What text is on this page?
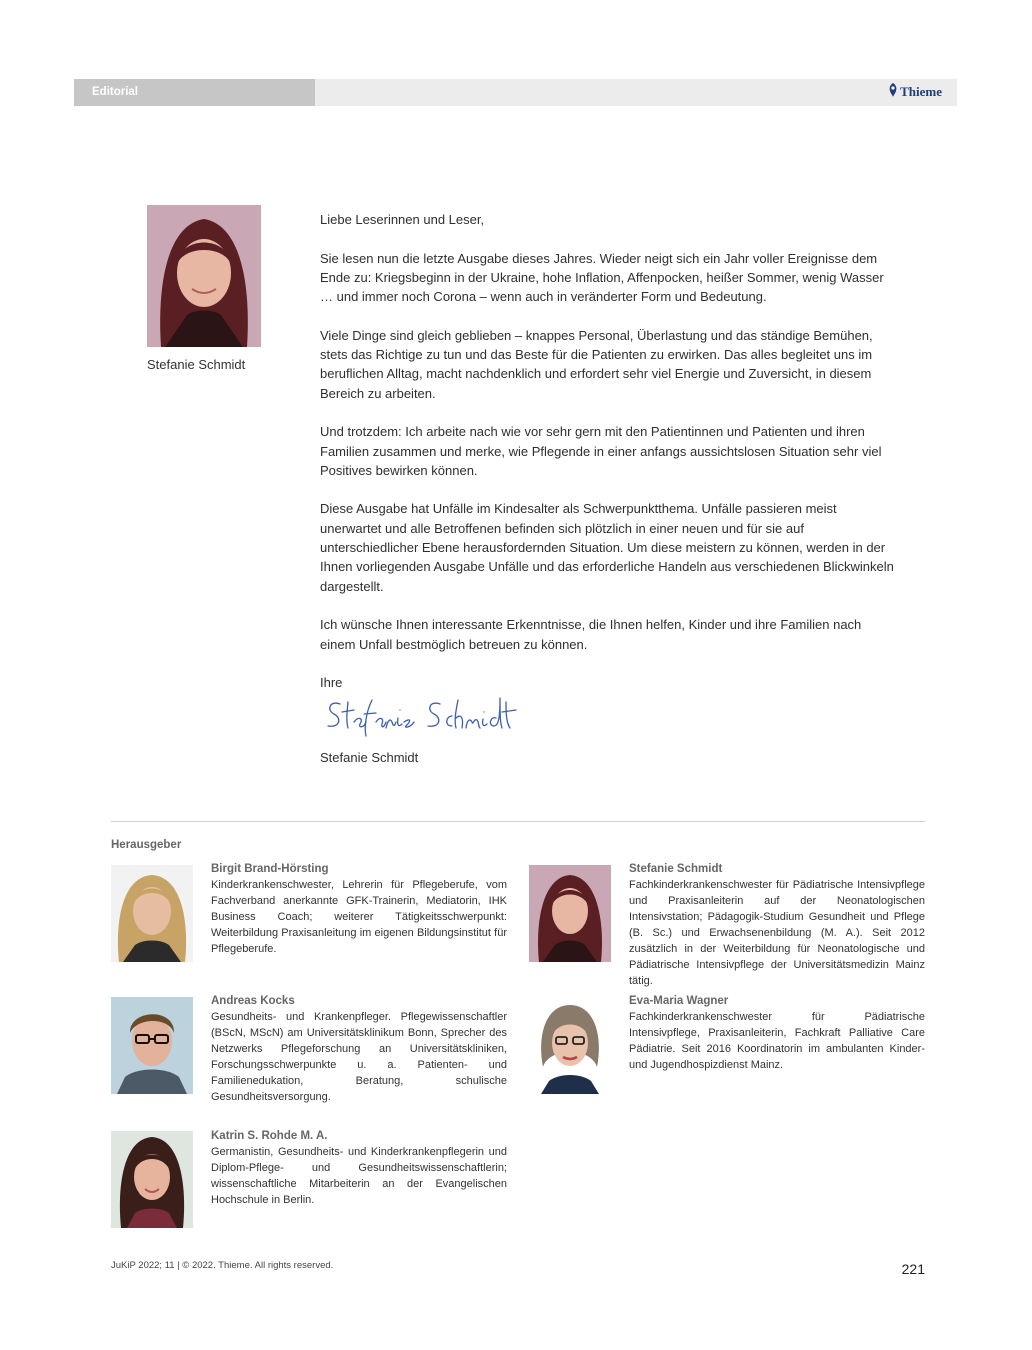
Editorial	Thieme
Stefanie Schmidt

Liebe Leserinnen und Leser,

Sie lesen nun die letzte Ausgabe dieses Jahres. Wieder neigt sich ein Jahr voller Ereignisse dem Ende zu: Kriegsbeginn in der Ukraine, hohe Inflation, Affenpocken, heißer Sommer, wenig Wasser … und immer noch Corona – wenn auch in veränderter Form und Bedeutung.

Viele Dinge sind gleich geblieben – knappes Personal, Überlastung und das ständige Bemühen, stets das Richtige zu tun und das Beste für die Patienten zu erwirken. Das alles begleitet uns im beruflichen Alltag, macht nachdenklich und erfordert sehr viel Energie und Zuversicht, in diesem Bereich zu arbeiten.

Und trotzdem: Ich arbeite nach wie vor sehr gern mit den Patientinnen und Patienten und ihren Familien zusammen und merke, wie Pflegende in einer anfangs aussichtslosen Situation sehr viel Positives bewirken können.

Diese Ausgabe hat Unfälle im Kindesalter als Schwerpunktthema. Unfälle passieren meist unerwartet und alle Betroffenen befinden sich plötzlich in einer neuen und für sie auf unterschiedlicher Ebene herausfordernden Situation. Um diese meistern zu können, werden in der Ihnen vorliegenden Ausgabe Unfälle und das erforderliche Handeln aus verschiedenen Blickwinkeln dargestellt.

Ich wünsche Ihnen interessante Erkenntnisse, die Ihnen helfen, Kinder und ihre Familien nach einem Unfall bestmöglich betreuen zu können.

Ihre

Stefanie Schmidt
Herausgeber

Birgit Brand-Hörsting

Kinderkrankenschwester, Lehrerin für Pflegeberufe, vom Fachverband anerkannte GFK-Trainerin, Mediatorin, IHK Business Coach; weiterer Tätigkeitsschwerpunkt: Weiterbildung Praxisanleitung im eigenen Bildungsinstitut für Pflegeberufe.

Stefanie Schmidt

Fachkinderkrankenschwester für Pädiatrische Intensivpflege und Praxisanleiterin auf der Neonatologischen Intensivstation; Pädagogik-Studium Gesundheit und Pflege (B. Sc.) und Erwachsenenbildung (M. A.). Seit 2012 zusätzlich in der Weiterbildung für Neonatologische und Pädiatrische Intensivpflege der Universitätsmedizin Mainz tätig.

Andreas Kocks

Gesundheits- und Krankenpfleger. Pflegewissenschaftler (BScN, MScN) am Universitätsklinikum Bonn, Sprecher des Netzwerks Pflegeforschung an Universitätskliniken, Forschungsschwerpunkte u. a. Patienten- und Familienedukation, Beratung, schulische Gesundheitsversorgung.

Eva-Maria Wagner

Fachkinderkrankenschwester für Pädiatrische Intensivpflege, Praxisanleiterin, Fachkraft Palliative Care Pädiatrie. Seit 2016 Koordinatorin im ambulanten Kinder- und Jugendhospizdienst Mainz.

Katrin S. Rohde M. A.

Germanistin, Gesundheits- und Kinderkrankenpflegerin und Diplom-Pflege- und Gesundheitswissenschaftlerin; wissenschaftliche Mitarbeiterin an der Evangelischen Hochschule in Berlin.

JuKiP 2022; 11 | © 2022. Thieme. All rights reserved.	221
